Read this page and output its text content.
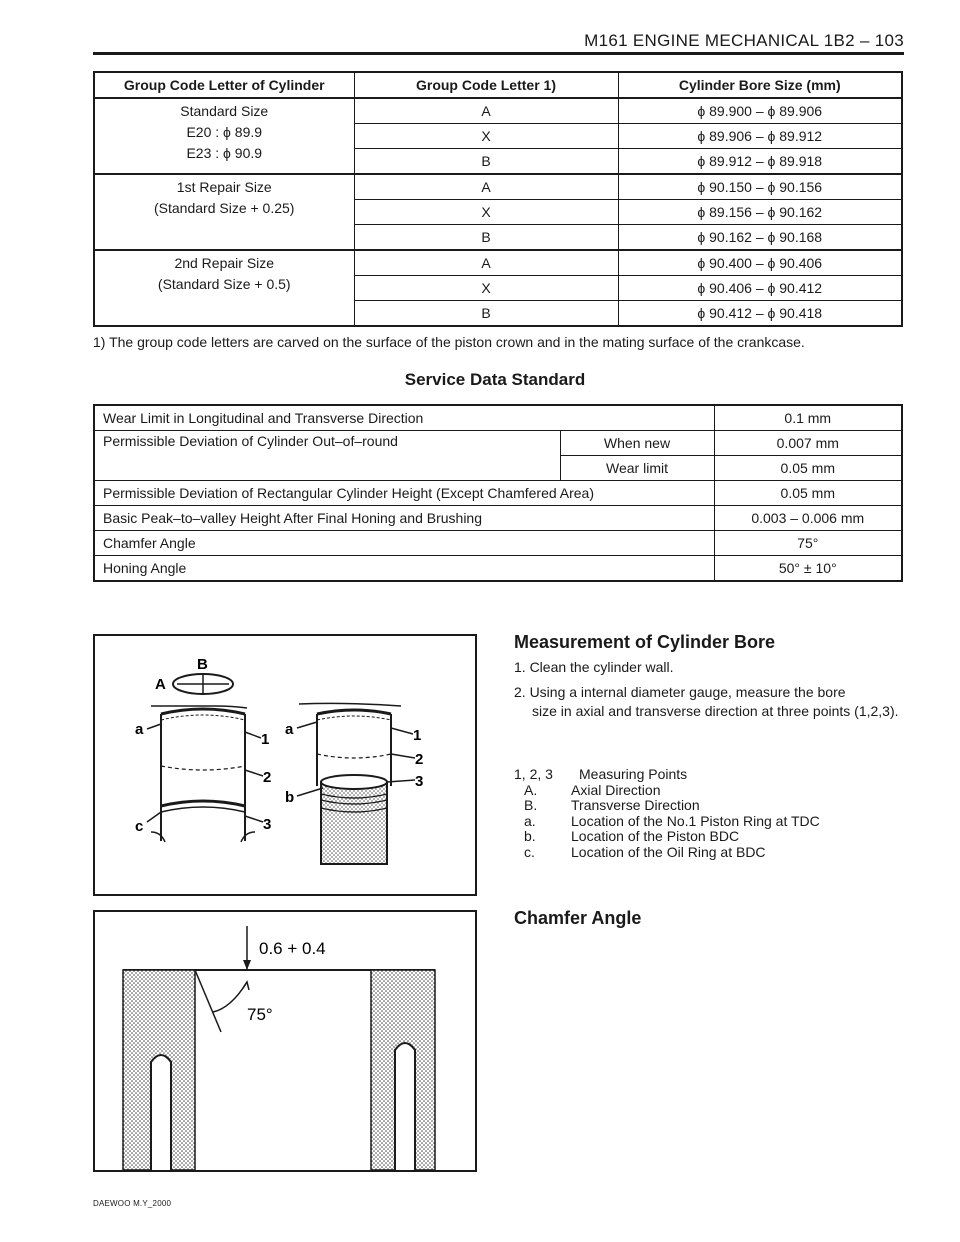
M161 ENGINE MECHANICAL 1B2 – 103
Group Code Letter of Cylinder	Group Code Letter 1)	Cylinder Bore Size (mm)

Standard Size
E20 : ϕ 89.9
E23 : ϕ 90.9	A	ϕ 89.900 – ϕ 89.906
	X	ϕ 89.906 – ϕ 89.912
	B	ϕ 89.912 – ϕ 89.918

1st Repair Size
(Standard Size + 0.25)	A	ϕ 90.150 – ϕ 90.156
	X	ϕ 89.156 – ϕ 90.162
	B	ϕ 90.162 – ϕ 90.168

2nd Repair Size
(Standard Size + 0.5)	A	ϕ 90.400 – ϕ 90.406
	X	ϕ 90.406 – ϕ 90.412
	B	ϕ 90.412 – ϕ 90.418
1) The group code letters are carved on the surface of the piston crown and in the mating surface of the crankcase.
Service Data Standard
Wear Limit in Longitudinal and Transverse Direction		0.1 mm
Permissible Deviation of Cylinder Out–of–round	When new	0.007 mm
	Wear limit	0.05 mm
Permissible Deviation of Rectangular Cylinder Height (Except Chamfered Area)		0.05 mm
Basic Peak–to–valley Height After Final Honing and Brushing		0.003 – 0.006 mm
Chamfer Angle		75°
Honing Angle		50° ± 10°
B
A
a
c
1
2
3
a
b
1
2
3
0.6 + 0.4
75°
Measurement of Cylinder Bore
1. Clean the cylinder wall.
2. Using a internal diameter gauge, measure the bore
size in axial and transverse direction at three points (1,2,3).
1, 2, 3	Measuring Points
A.	Axial Direction
B.	Transverse Direction
a.	Location of the No.1 Piston Ring at TDC
b.	Location of the Piston BDC
c.	Location of the Oil Ring at BDC
Chamfer Angle
DAEWOO M.Y_2000
